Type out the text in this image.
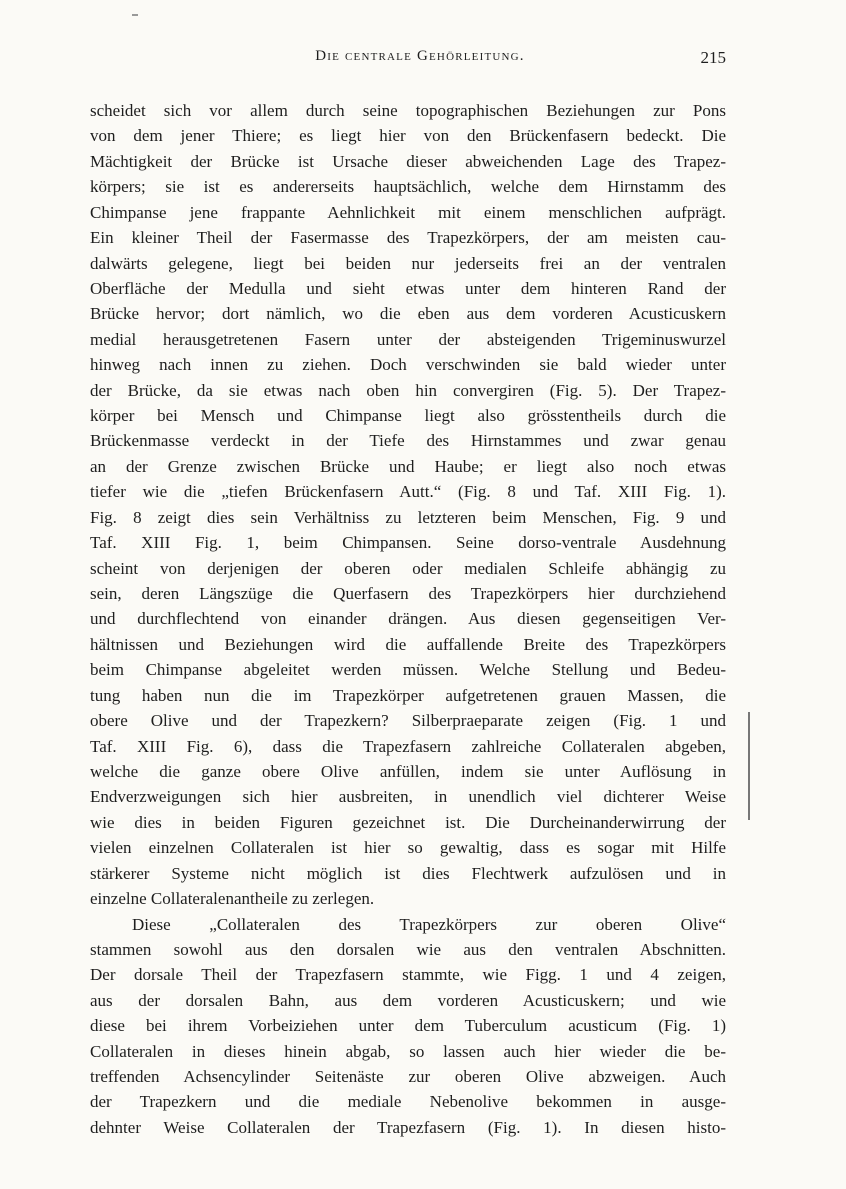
Die centrale Gehörleitung.	215
scheidet sich vor allem durch seine topographischen Beziehungen zur Pons
von dem jener Thiere; es liegt hier von den Brückenfasern bedeckt. Die
Mächtigkeit der Brücke ist Ursache dieser abweichenden Lage des Trapez-
körpers; sie ist es andererseits hauptsächlich, welche dem Hirnstamm des
Chimpanse jene frappante Aehnlichkeit mit einem menschlichen aufprägt.
Ein kleiner Theil der Fasermasse des Trapezkörpers, der am meisten cau-
dalwärts gelegene, liegt bei beiden nur jederseits frei an der ventralen
Oberfläche der Medulla und sieht etwas unter dem hinteren Rand der
Brücke hervor; dort nämlich, wo die eben aus dem vorderen Acusticuskern
medial herausgetretenen Fasern unter der absteigenden Trigeminuswurzel
hinweg nach innen zu ziehen. Doch verschwinden sie bald wieder unter
der Brücke, da sie etwas nach oben hin convergiren (Fig. 5). Der Trapez-
körper bei Mensch und Chimpanse liegt also grösstentheils durch die
Brückenmasse verdeckt in der Tiefe des Hirnstammes und zwar genau
an der Grenze zwischen Brücke und Haube; er liegt also noch etwas
tiefer wie die „tiefen Brückenfasern Autt.“ (Fig. 8 und Taf. XIII Fig. 1).
Fig. 8 zeigt dies sein Verhältniss zu letzteren beim Menschen, Fig. 9 und
Taf. XIII Fig. 1, beim Chimpansen. Seine dorso-ventrale Ausdehnung
scheint von derjenigen der oberen oder medialen Schleife abhängig zu
sein, deren Längszüge die Querfasern des Trapezkörpers hier durchziehend
und durchflechtend von einander drängen. Aus diesen gegenseitigen Ver-
hältnissen und Beziehungen wird die auffallende Breite des Trapezkörpers
beim Chimpanse abgeleitet werden müssen. Welche Stellung und Bedeu-
tung haben nun die im Trapezkörper aufgetretenen grauen Massen, die
obere Olive und der Trapezkern? Silberpraeparate zeigen (Fig. 1 und
Taf. XIII Fig. 6), dass die Trapezfasern zahlreiche Collateralen abgeben,
welche die ganze obere Olive anfüllen, indem sie unter Auflösung in
Endverzweigungen sich hier ausbreiten, in unendlich viel dichterer Weise
wie dies in beiden Figuren gezeichnet ist. Die Durcheinanderwirrung der
vielen einzelnen Collateralen ist hier so gewaltig, dass es sogar mit Hilfe
stärkerer Systeme nicht möglich ist dies Flechtwerk aufzulösen und in
einzelne Collateralenantheile zu zerlegen.
Diese „Collateralen des Trapezkörpers zur oberen Olive“
stammen sowohl aus den dorsalen wie aus den ventralen Abschnitten.
Der dorsale Theil der Trapezfasern stammte, wie Figg. 1 und 4 zeigen,
aus der dorsalen Bahn, aus dem vorderen Acusticuskern; und wie
diese bei ihrem Vorbeiziehen unter dem Tuberculum acusticum (Fig. 1)
Collateralen in dieses hinein abgab, so lassen auch hier wieder die be-
treffenden Achsencylinder Seitenäste zur oberen Olive abzweigen. Auch
der Trapezkern und die mediale Nebenolive bekommen in ausge-
dehnter Weise Collateralen der Trapezfasern (Fig. 1). In diesen histo-
